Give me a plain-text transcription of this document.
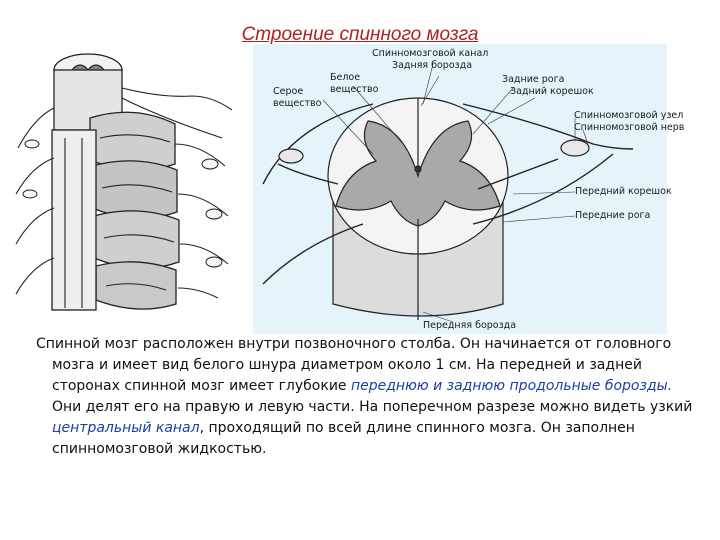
Строение спинного мозга
Спинномозговой канал
Задняя борозда
Белое
вещество
Серое
вещество
Задние рога
Задний корешок
Спинномозговой узел
Спинномозговой нерв
Передний корешок
Передние рога
Передняя борозда

Спинной мозг расположен внутри позвоночного столба. Он начинается от головного мозга и имеет вид белого шнура диаметром около 1 см. На передней и задней сторонах спинной мозг имеет глубокие переднюю и заднюю продольные борозды. Они делят его на правую и левую части. На поперечном разрезе можно видеть узкий центральный канал, проходящий по всей длине спинного мозга. Он заполнен спинномозговой жидкостью.
